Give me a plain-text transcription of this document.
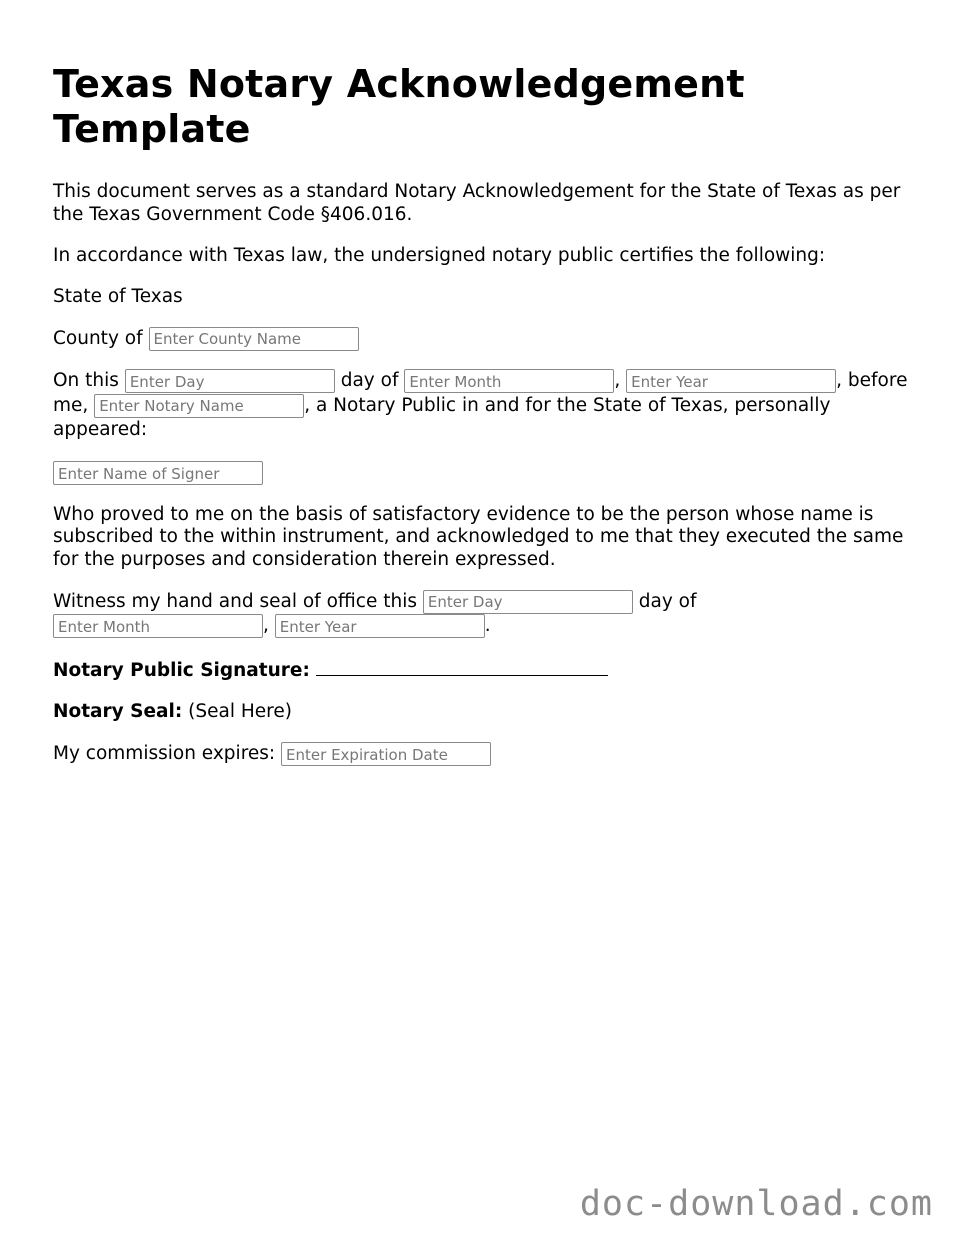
Texas Notary Acknowledgement Template

This document serves as a standard Notary Acknowledgement for the State of Texas as per the Texas Government Code §406.016.

In accordance with Texas law, the undersigned notary public certifies the following:

State of Texas

County of Enter County Name

On this Enter Day	day of Enter Month	, Enter Year	, before me, Enter Notary Name	, a Notary Public in and for the State of Texas, personally appeared:

Enter Name of Signer

Who proved to me on the basis of satisfactory evidence to be the person whose name is subscribed to the within instrument, and acknowledged to me that they executed the same for the purposes and consideration therein expressed.

Witness my hand and seal of office this Enter Day	day of
Enter Month, Enter Year	.

Notary Public Signature:

Notary Seal: (Seal Here)

My commission expires: Enter Expiration Date

doc-download.com
